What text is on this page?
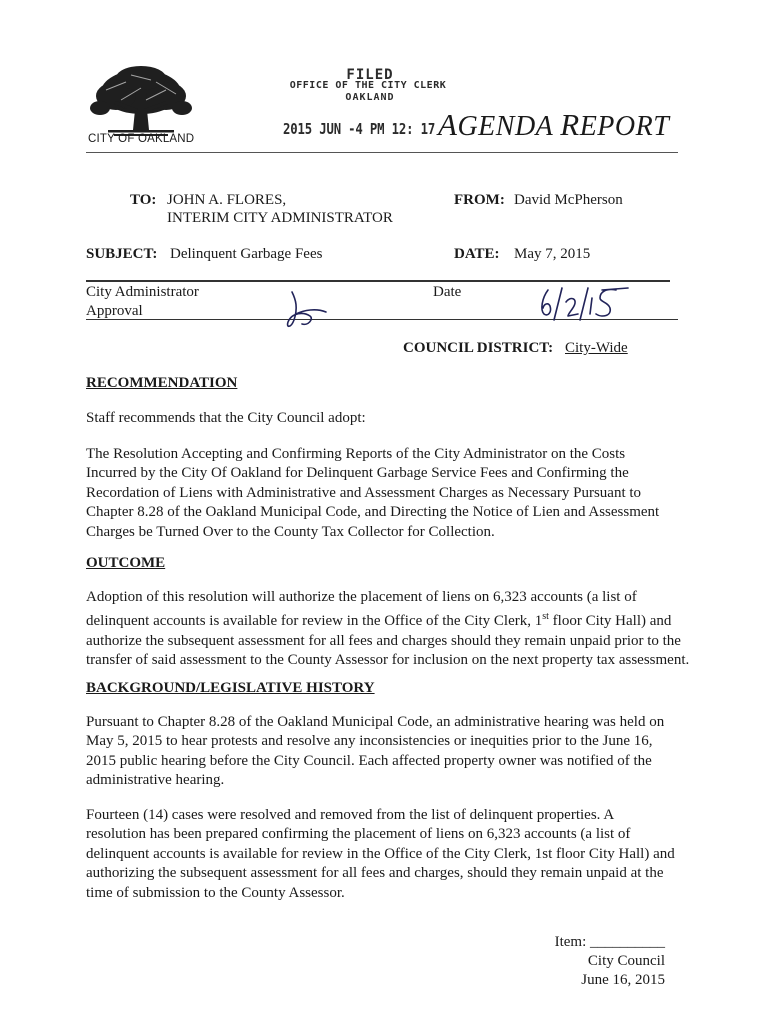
CITY OF OAKLAND
FILED
OFFICE OF THE CITY CLERK
OAKLAND
2015 JUN -4 PM 12: 17 AGENDA REPORT
TO: JOHN A. FLORES,
INTERIM CITY ADMINISTRATOR
FROM: David McPherson
SUBJECT: Delinquent Garbage Fees	DATE: May 7, 2015
City Administrator
Approval
Date
COUNCIL DISTRICT: City-Wide
RECOMMENDATION
Staff recommends that the City Council adopt:
The Resolution Accepting and Confirming Reports of the City Administrator on the Costs Incurred by the City Of Oakland for Delinquent Garbage Service Fees and Confirming the Recordation of Liens with Administrative and Assessment Charges as Necessary Pursuant to Chapter 8.28 of the Oakland Municipal Code, and Directing the Notice of Lien and Assessment Charges be Turned Over to the County Tax Collector for Collection.
OUTCOME
Adoption of this resolution will authorize the placement of liens on 6,323 accounts (a list of delinquent accounts is available for review in the Office of the City Clerk, 1st floor City Hall) and authorize the subsequent assessment for all fees and charges should they remain unpaid prior to the transfer of said assessment to the County Assessor for inclusion on the next property tax assessment.
BACKGROUND/LEGISLATIVE HISTORY
Pursuant to Chapter 8.28 of the Oakland Municipal Code, an administrative hearing was held on May 5, 2015 to hear protests and resolve any inconsistencies or inequities prior to the June 16, 2015 public hearing before the City Council. Each affected property owner was notified of the administrative hearing.
Fourteen (14) cases were resolved and removed from the list of delinquent properties. A resolution has been prepared confirming the placement of liens on 6,323 accounts (a list of delinquent accounts is available for review in the Office of the City Clerk, 1st floor City Hall) and authorizing the subsequent assessment for all fees and charges, should they remain unpaid at the time of submission to the County Assessor.
Item: __________
City Council
June 16, 2015
